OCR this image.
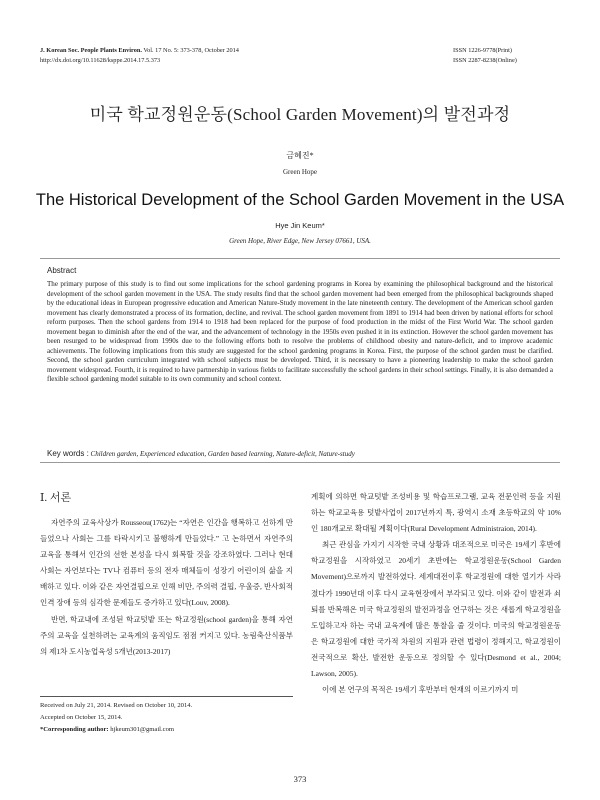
J. Korean Soc. People Plants Environ. Vol. 17 No. 5: 373-378, October 2014
http://dx.doi.org/10.11628/ksppe.2014.17.5.373
ISSN 1226-9778(Print)
ISSN 2287-8238(Online)
미국 학교정원운동(School Garden Movement)의 발전과정
금혜진*
Green Hope
The Historical Development of the School Garden Movement in the USA
Hye Jin Keum*
Green Hope, River Edge, New Jersey 07661, USA.
Abstract

The primary purpose of this study is to find out some implications for the school gardening programs in Korea by examining the philosophical background and the historical development of the school garden movement in the USA. The study results find that the school garden movement had been emerged from the philosophical backgrounds shaped by the educational ideas in European progressive education and American Nature-Study movement in the late nineteenth century. The development of the American school garden movement has clearly demonstrated a process of its formation, decline, and revival. The school garden movement from 1891 to 1914 had been driven by national efforts for school reform purposes. Then the school gardens from 1914 to 1918 had been replaced for the purpose of food production in the midst of the First World War. The school garden movement began to diminish after the end of the war, and the advancement of technology in the 1950s even pushed it in its extinction. However the school garden movement has been resurged to be widespread from 1990s due to the following efforts both to resolve the problems of childhood obesity and nature-deficit, and to improve academic achievements. The following implications from this study are suggested for the school gardening programs in Korea. First, the purpose of the school garden must be clarified. Second, the school garden curriculum integrated with school subjects must be developed. Third, it is necessary to have a pioneering leadership to make the school garden movement widespread. Fourth, it is required to have partnership in various fields to facilitate successfully the school gardens in their school settings. Finally, it is also demanded a flexible school gardening model suitable to its own community and school context.

Key words : Children garden, Experienced education, Garden based learning, Nature-deficit, Nature-study
Ⅰ. 서론

자연주의 교육사상가 Rousseou(1762)는 “자연은 인간을 행복하고 선하게 만들었으나 사회는 그를 타락시키고 불행하게 만들었다.” 고 논하면서 자연주의 교육을 통해서 인간의 선한 본성을 다시 회복할 것을 강조하였다. 그러나 현대 사회는 자연보다는 TV나 컴퓨터 등의 전자 매체들이 성장기 어린이의 삶을 지배하고 있다. 이와 같은 자연결핍으로 인해 비만, 주의력 결핍, 우울증, 반사회적 인격 장애 등의 심각한 문제들도 증가하고 있다(Louv, 2008).

반면, 학교내에 조성된 학교텃밭 또는 학교정원(school garden)을 통해 자연주의 교육을 실천하려는 교육계의 움직임도 점점 커지고 있다. 농림축산식품부의 제1차 도시농업육성 5개년(2013-2017)

계획에 의하면 학교텃밭 조성비용 및 학습프로그램, 교육 전문인력 등을 지원하는 학교교육용 텃밭사업이 2017년까지 특, 광역시 소재 초등학교의 약 10%인 180개교로 확대될 계획이다(Rural Development Administraion, 2014).

최근 관심을 가지기 시작한 국내 상황과 대조적으로 미국은 19세기 후반에 학교정원을 시작하였고 20세기 초반에는 학교정원운동(School Garden Movement)으로까지 발전하였다. 세계대전이후 학교정원에 대한 열기가 사라졌다가 1990년대 이후 다시 교육현장에서 부각되고 있다. 이와 같이 발전과 쇠퇴를 반복해온 미국 학교정원의 발전과정을 연구하는 것은 새롭게 학교정원을 도입하고자 하는 국내 교육계에 많은 통찰을 줄 것이다. 미국의 학교정원운동은 학교정원에 대한 국가적 차원의 지원과 관련 법령이 정해지고, 학교정원이 전국적으로 확산, 발전한 운동으로 정의할 수 있다(Desmond et al., 2004; Lawson, 2005).

이에 본 연구의 목적은 19세기 후반부터 현재의 이르기까지 미

Received on July 21, 2014. Revised on October 10, 2014.
Accepted on October 15, 2014.
*Corresponding author: hjkeum301@gmail.com
373
